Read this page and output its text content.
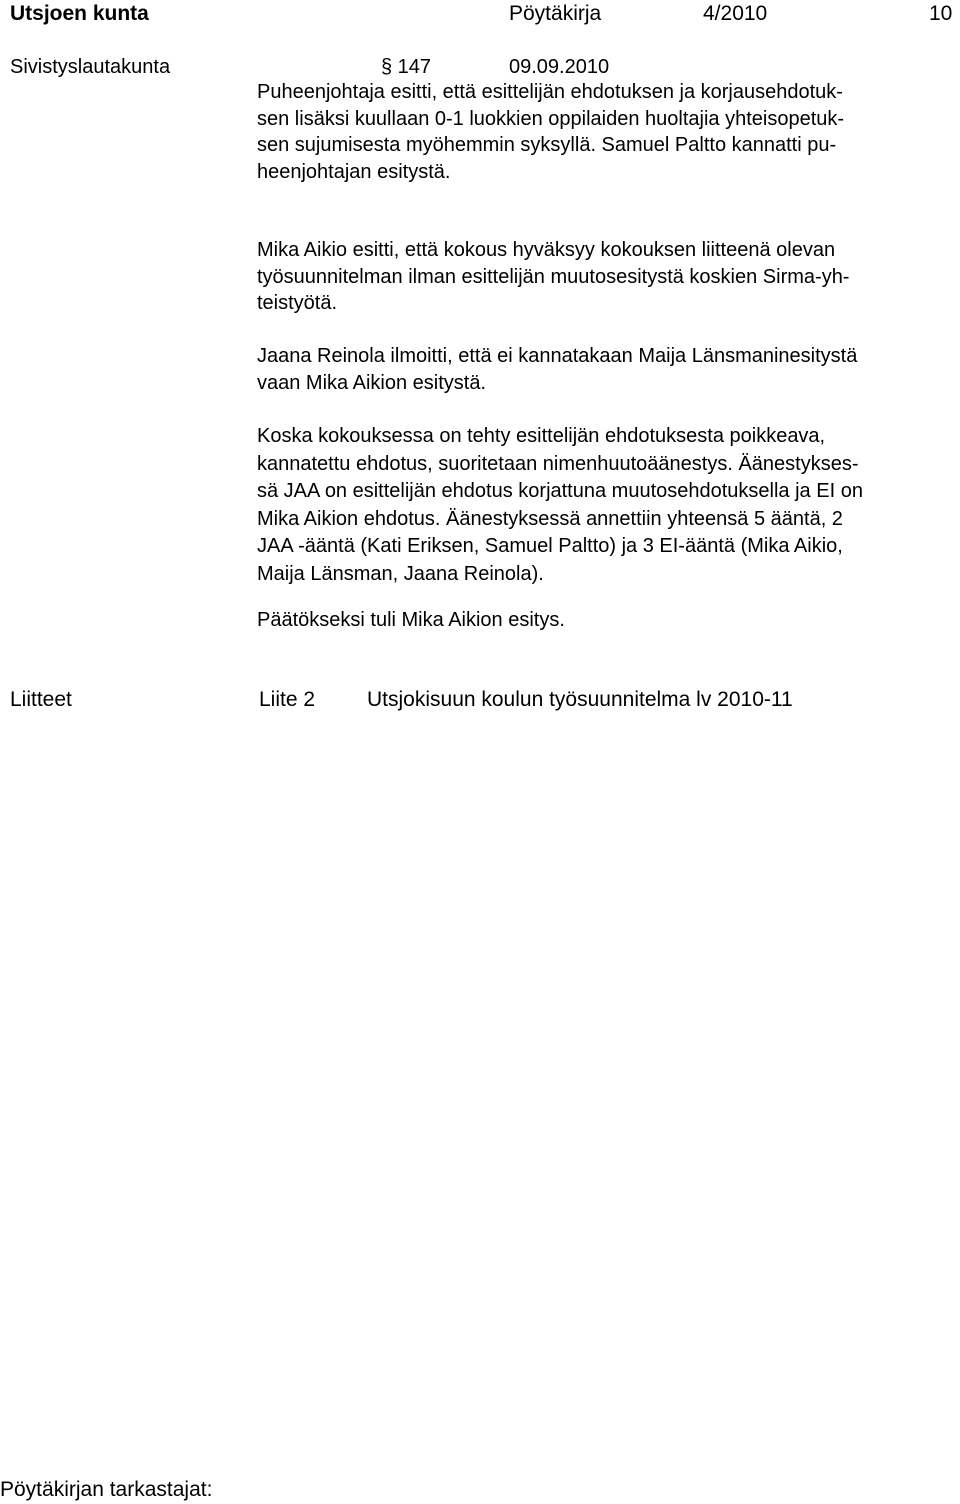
Utsjoen kunta	Pöytäkirja	4/2010	10
Sivistyslautakunta	§ 147	09.09.2010
Puheenjohtaja esitti, että esittelijän ehdotuksen ja korjausehdotuk-
sen lisäksi kuullaan 0-1 luokkien oppilaiden huoltajia yhteisopetuk-
sen sujumisesta myöhemmin syksyllä. Samuel Paltto kannatti pu-
heenjohtajan esitystä.
Mika Aikio esitti, että kokous hyväksyy kokouksen liitteenä olevan
työsuunnitelman ilman esittelijän muutosesitystä koskien Sirma-yh-
teistyötä.
Jaana Reinola ilmoitti, että ei kannatakaan Maija Länsmaninesitystä
vaan Mika Aikion esitystä.
Koska kokouksessa on tehty esittelijän ehdotuksesta poikkeava,
kannatettu ehdotus, suoritetaan nimenhuutoäänestys. Äänestykses-
sä JAA on esittelijän ehdotus korjattuna muutosehdotuksella ja EI on
Mika Aikion ehdotus. Äänestyksessä annettiin yhteensä 5 ääntä, 2
JAA -ääntä (Kati Eriksen, Samuel Paltto) ja 3 EI-ääntä (Mika Aikio,
Maija Länsman, Jaana Reinola).
Päätökseksi tuli Mika Aikion esitys.
Liitteet	Liite 2 Utsjokisuun koulun työsuunnitelma lv 2010-11
Pöytäkirjan tarkastajat:
